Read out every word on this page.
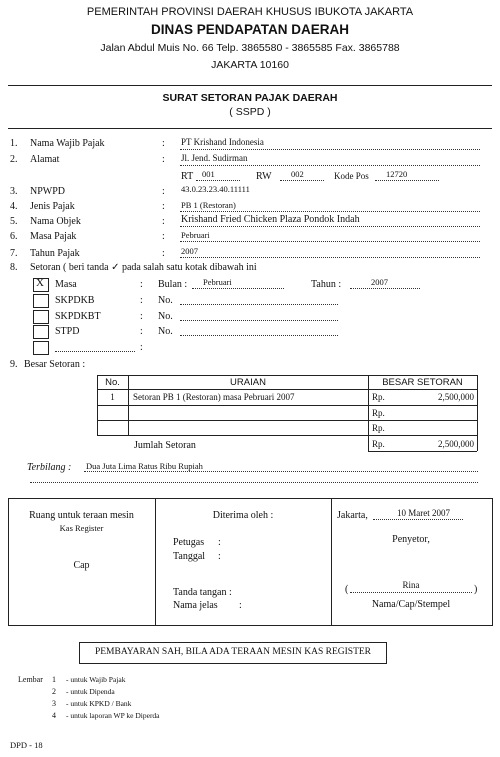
PEMERINTAH PROVINSI DAERAH KHUSUS IBUKOTA JAKARTA
DINAS PENDAPATAN DAERAH
Jalan Abdul Muis No. 66 Telp. 3865580 - 3865585 Fax. 3865788
JAKARTA 10160
SURAT SETORAN PAJAK DAERAH
( SSPD )
1. Nama Wajib Pajak	: PT Krishand Indonesia
2. Alamat	: Jl. Jend. Sudirman
RT 001	RW 002	Kode Pos 12720
3. NPWPD	: 43.0.23.23.40.11111
4. Jenis Pajak	: PB 1 (Restoran)
5. Nama Objek	: Krishand Fried Chicken Plaza Pondok Indah
6. Masa Pajak	: Pebruari
7. Tahun Pajak	: 2007
8. Setoran ( beri tanda ✓ pada salah satu kotak dibawah ini
X Masa	: Bulan : Pebruari	Tahun :	2007
SKPDKB	: No.
SKPDKBT	: No.
STPD	: No.
:
9. Besar Setoran :
No.	URAIAN	BESAR SETORAN
1	Setoran PB 1 (Restoran) masa Pebruari 2007	Rp.	2,500,000
Rp.
Rp.
Jumlah Setoran	Rp.	2,500,000
Terbilang : Dua Juta Lima Ratus Ribu Rupiah
Ruang untuk teraan mesin
Kas Register
Cap
Diterima oleh :
Petugas :
Tanggal :
Tanda tangan :
Nama jelas :
Jakarta,	10 Maret 2007
Penyetor,
(	Rina	)
Nama/Cap/Stempel
PEMBAYARAN SAH, BILA ADA TERAAN MESIN KAS REGISTER
Lembar 1 - untuk Wajib Pajak
2 - untuk Dipenda
3 - untuk KPKD / Bank
4 - untuk laporan WP ke Diperda
DPD - 18
